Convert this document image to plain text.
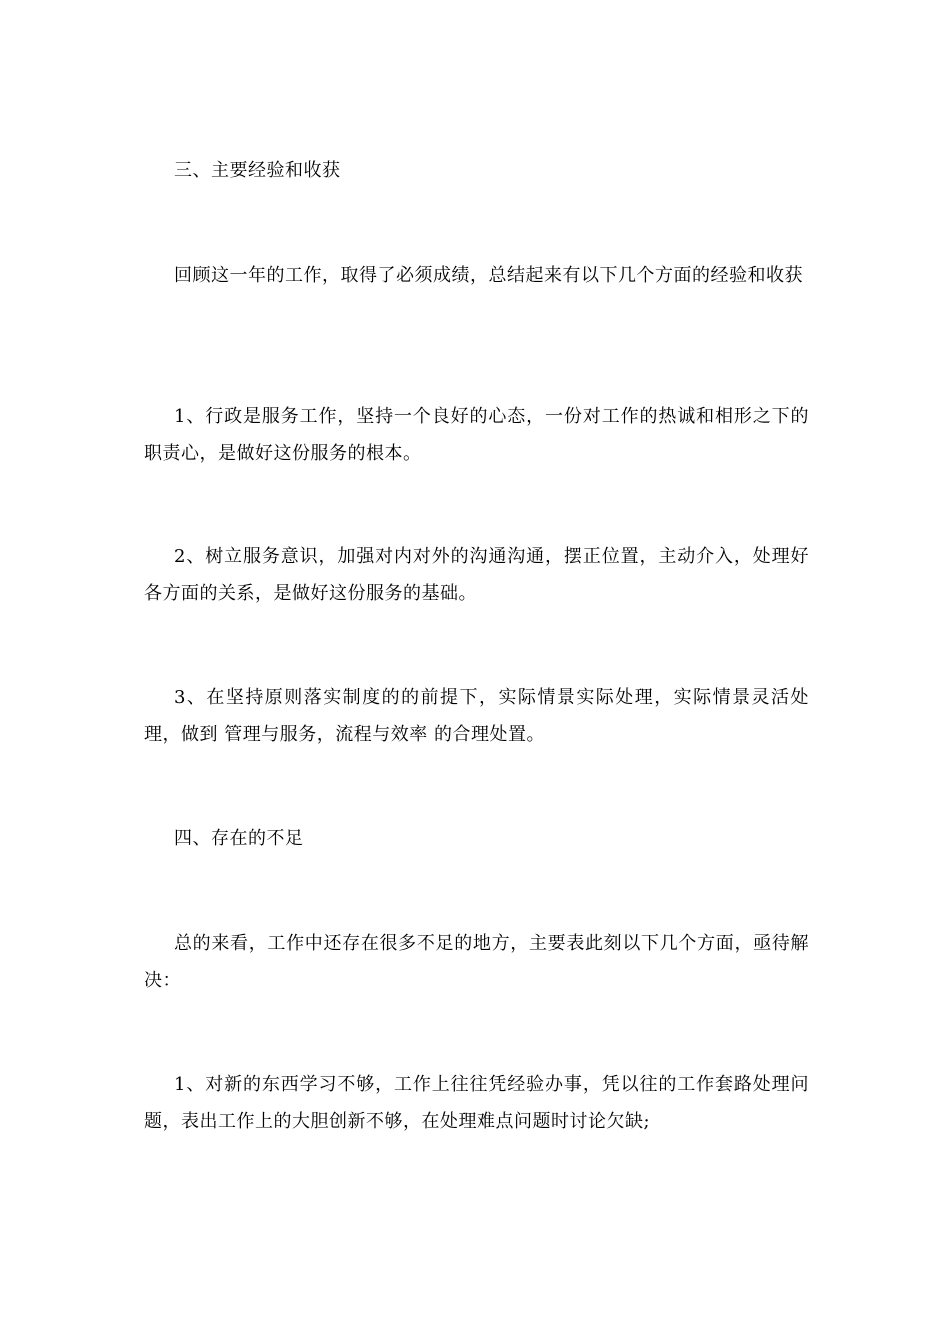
三、主要经验和收获

回顾这一年的工作，取得了必须成绩，总结起来有以下几个方面的经验和收获

1、行政是服务工作，坚持一个良好的心态，一份对工作的热诚和相形之下的职责心，是做好这份服务的根本。

2、树立服务意识，加强对内对外的沟通沟通，摆正位置，主动介入，处理好各方面的关系，是做好这份服务的基础。

3、在坚持原则落实制度的的前提下，实际情景实际处理，实际情景灵活处理，做到 管理与服务，流程与效率 的合理处置。

四、存在的不足

总的来看，工作中还存在很多不足的地方，主要表此刻以下几个方面，亟待解决：

1、对新的东西学习不够，工作上往往凭经验办事，凭以往的工作套路处理问题，表出工作上的大胆创新不够，在处理难点问题时讨论欠缺;
